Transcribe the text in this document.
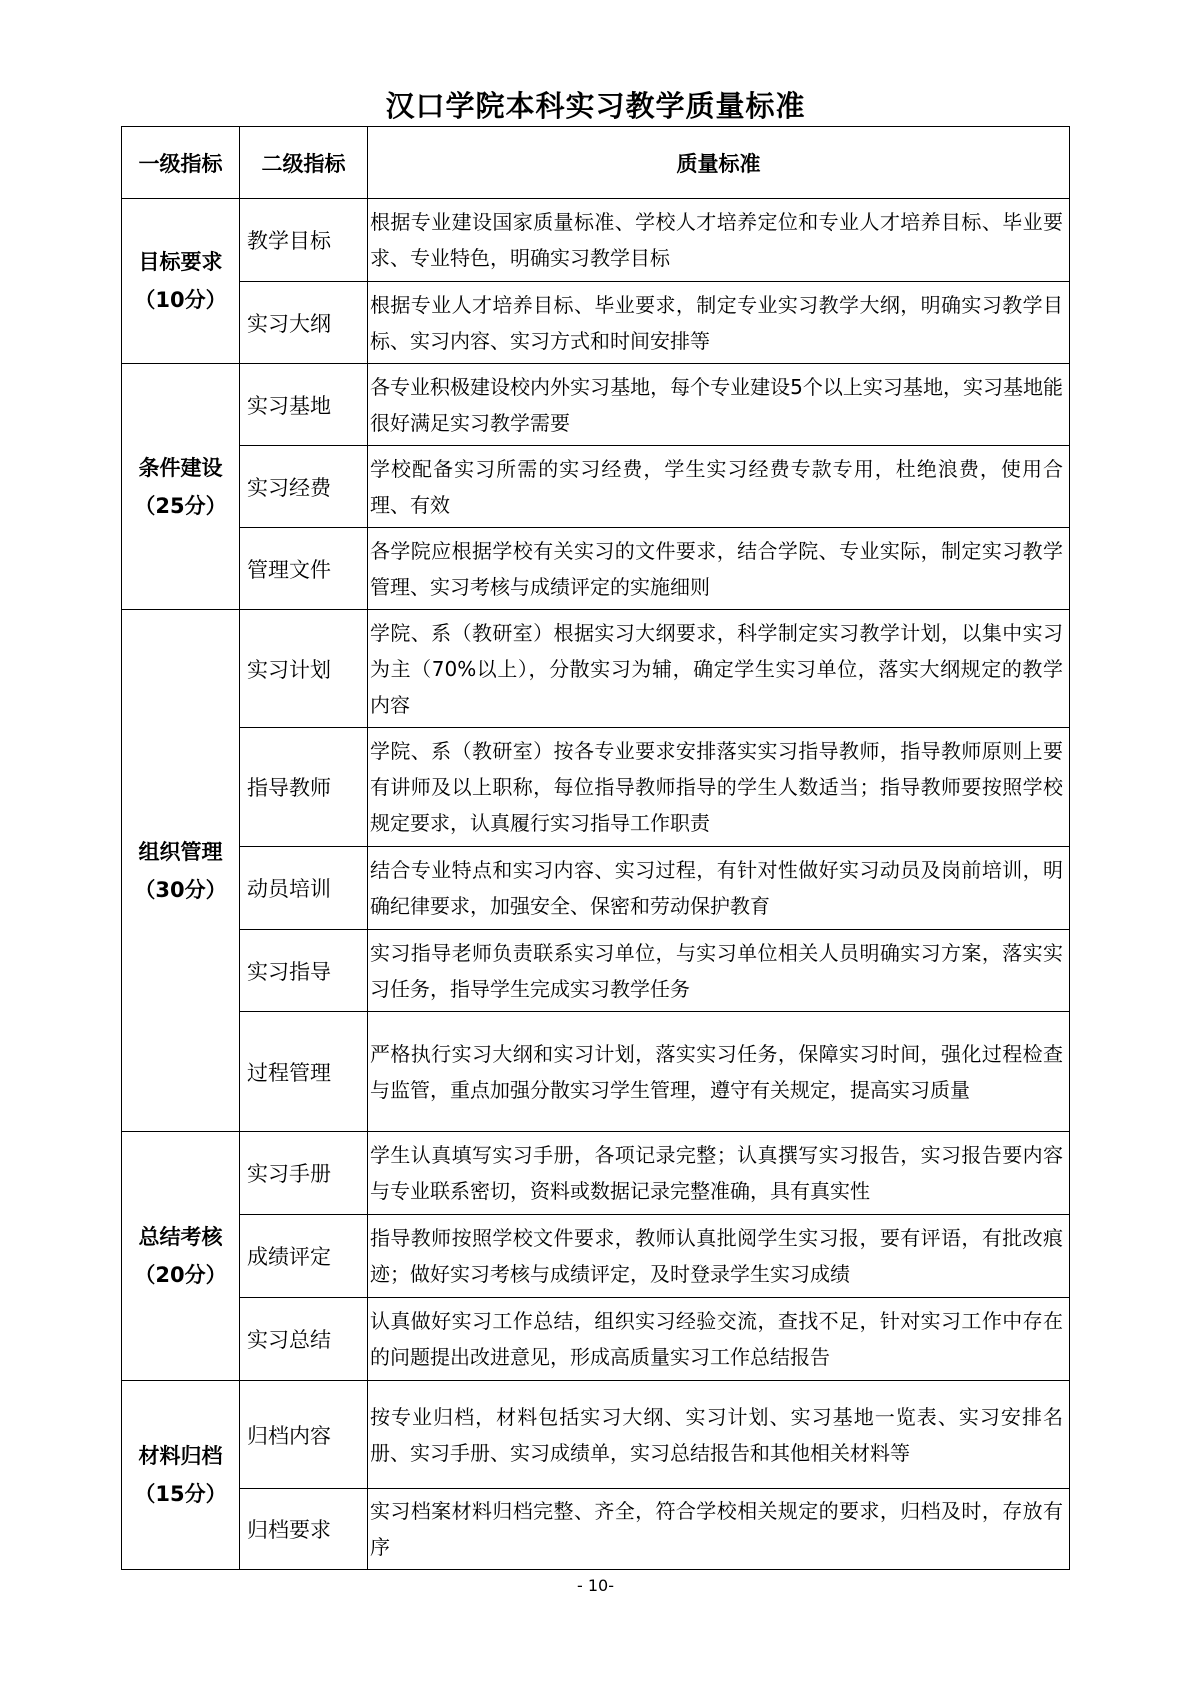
汉口学院本科实习教学质量标准
一级指标	二级指标	质量标准

目标要求
（10分）	教学目标	根据专业建设国家质量标准、学校人才培养定位和专业人才培养目标、毕业要求、专业特色，明确实习教学目标
	实习大纲	根据专业人才培养目标、毕业要求，制定专业实习教学大纲，明确实习教学目标、实习内容、实习方式和时间安排等

条件建设
（25分）	实习基地	各专业积极建设校内外实习基地，每个专业建设5个以上实习基地，实习基地能很好满足实习教学需要
	实习经费	学校配备实习所需的实习经费，学生实习经费专款专用，杜绝浪费，使用合理、有效
	管理文件	各学院应根据学校有关实习的文件要求，结合学院、专业实际，制定实习教学管理、实习考核与成绩评定的实施细则

组织管理
（30分）	实习计划	学院、系（教研室）根据实习大纲要求，科学制定实习教学计划，以集中实习为主（70%以上），分散实习为辅，确定学生实习单位，落实大纲规定的教学内容
	指导教师	学院、系（教研室）按各专业要求安排落实实习指导教师，指导教师原则上要有讲师及以上职称，每位指导教师指导的学生人数适当；指导教师要按照学校规定要求，认真履行实习指导工作职责
	动员培训	结合专业特点和实习内容、实习过程，有针对性做好实习动员及岗前培训，明确纪律要求，加强安全、保密和劳动保护教育
	实习指导	实习指导老师负责联系实习单位，与实习单位相关人员明确实习方案，落实实习任务，指导学生完成实习教学任务
	过程管理	严格执行实习大纲和实习计划，落实实习任务，保障实习时间，强化过程检查与监管，重点加强分散实习学生管理，遵守有关规定，提高实习质量

总结考核
（20分）	实习手册	学生认真填写实习手册，各项记录完整；认真撰写实习报告，实习报告要内容与专业联系密切，资料或数据记录完整准确，具有真实性
	成绩评定	指导教师按照学校文件要求，教师认真批阅学生实习报，要有评语，有批改痕迹；做好实习考核与成绩评定，及时登录学生实习成绩
	实习总结	认真做好实习工作总结，组织实习经验交流，查找不足，针对实习工作中存在的问题提出改进意见，形成高质量实习工作总结报告

材料归档
（15分）	归档内容	按专业归档，材料包括实习大纲、实习计划、实习基地一览表、实习安排名册、实习手册、实习成绩单，实习总结报告和其他相关材料等
	归档要求	实习档案材料归档完整、齐全，符合学校相关规定的要求，归档及时，存放有序
- 10-
